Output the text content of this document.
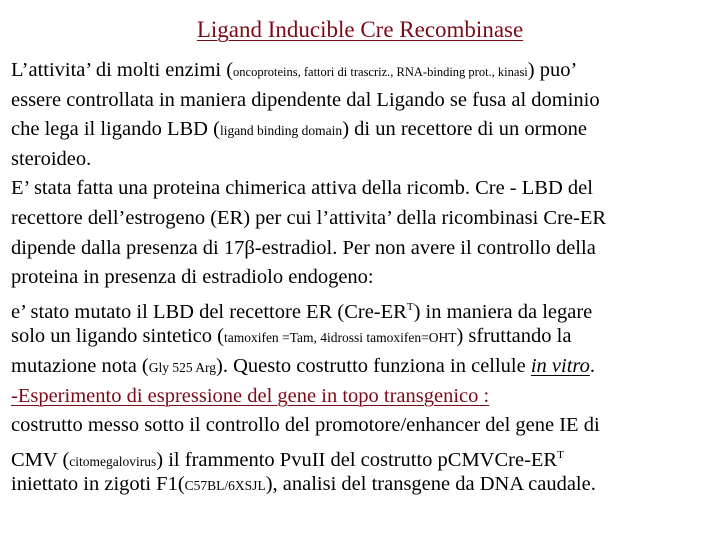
Ligand Inducible Cre Recombinase
L’attivita’ di molti enzimi (oncoproteins, fattori di trascriz., RNA-binding prot., kinasi) puo’
essere controllata in maniera dipendente dal Ligando se fusa al dominio
che lega il ligando LBD (ligand binding domain) di un recettore di un ormone
steroideo.
E’ stata fatta una proteina chimerica attiva della ricomb. Cre - LBD del
recettore dell’estrogeno (ER) per cui l’attivita’ della ricombinasi Cre-ER
dipende dalla presenza di 17β-estradiol. Per non avere il controllo della
proteina in presenza di estradiolo endogeno:
e’ stato mutato il LBD del recettore ER $(Cre-ER^T)$ in maniera da legare
solo un ligando sintetico (tamoxifen =Tam, 4idrossi tamoxifen=OHT) sfruttando la
mutazione nota (Gly 525 Arg). Questo costrutto funziona in cellule in vitro.
-Esperimento di espressione del gene in topo transgenico :
costrutto messo sotto il controllo del promotore/enhancer del gene IE di
CMV (citomegalovirus) il frammento PvuII del costrutto pCMVCre-$ER^T$
iniettato in zigoti F1(C57BL/6XSJL), analisi del transgene da DNA caudale.
